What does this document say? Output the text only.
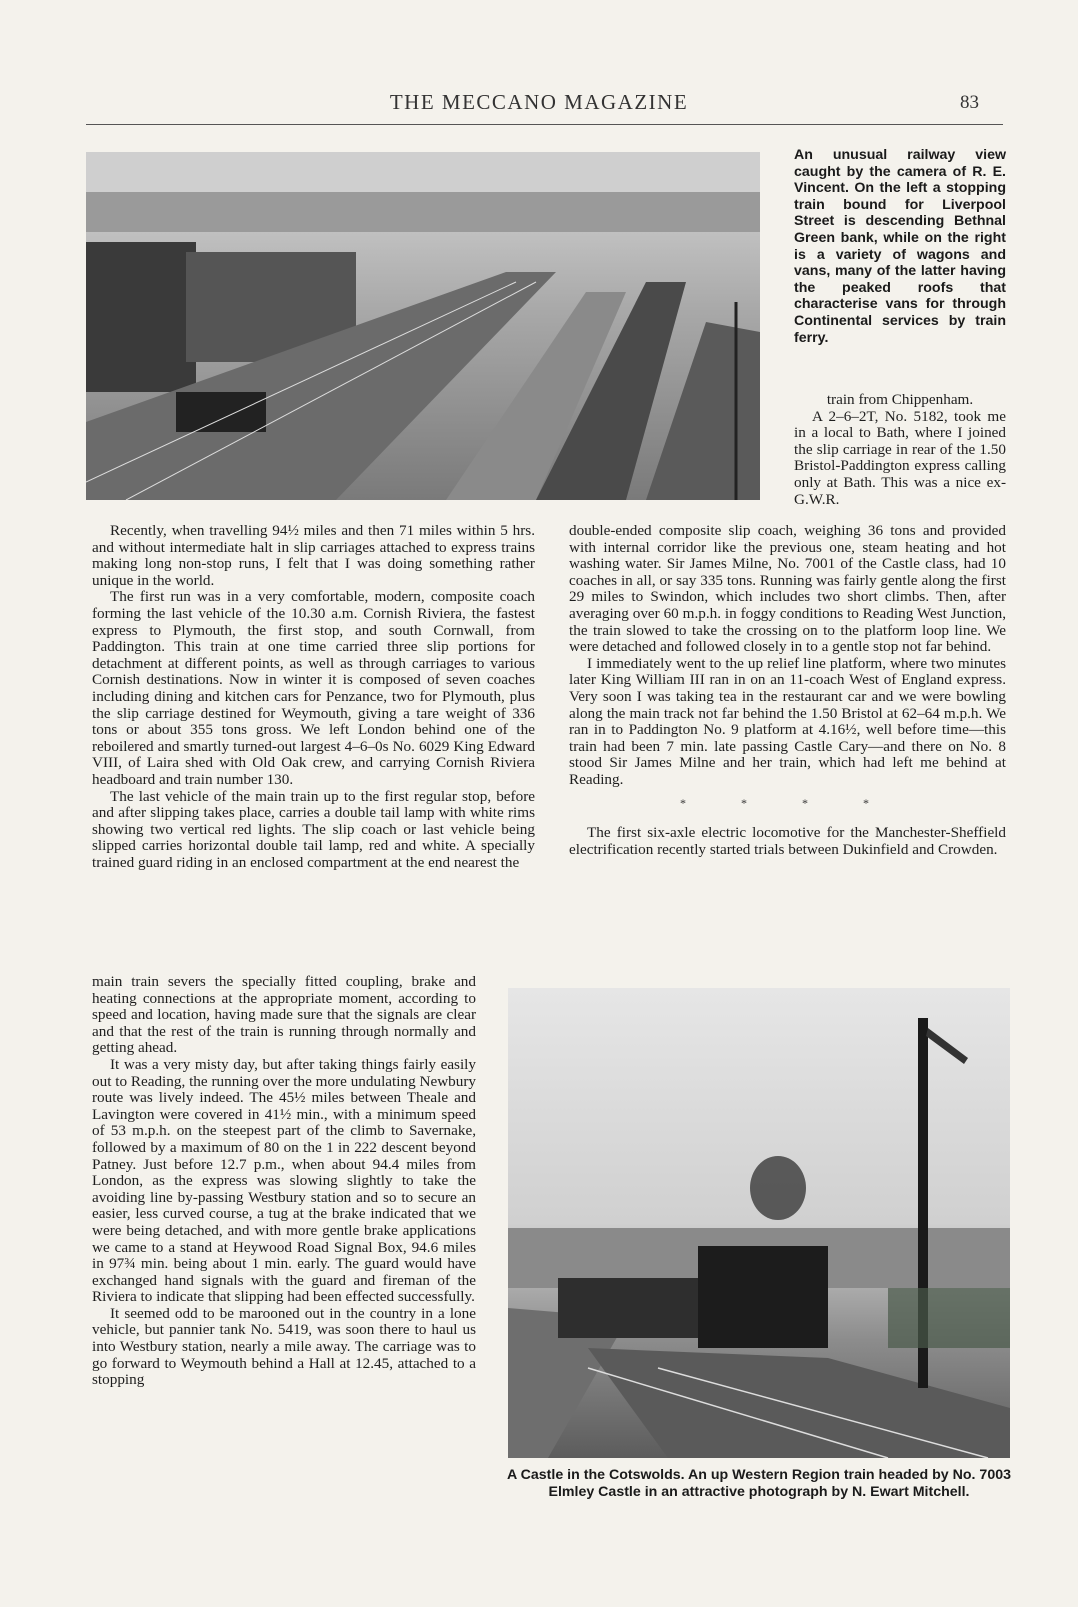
THE MECCANO MAGAZINE	83
An unusual railway view caught by the camera of R. E. Vincent. On the left a stopping train bound for Liverpool Street is descending Bethnal Green bank, while on the right is a variety of wagons and vans, many of the latter having the peaked roofs that characterise vans for through Continental services by train ferry.

train from Chippenham.

A 2–6–2T, No. 5182, took me in a local to Bath, where I joined the slip carriage in rear of the 1.50 Bristol-Paddington express calling only at Bath. This was a nice ex-G.W.R.

Recently, when travelling 94½ miles and then 71 miles within 5 hrs. and without intermediate halt in slip carriages attached to express trains making long non-stop runs, I felt that I was doing something rather unique in the world.

The first run was in a very comfortable, modern, composite coach forming the last vehicle of the 10.30 a.m. Cornish Riviera, the fastest express to Plymouth, the first stop, and south Cornwall, from Paddington. This train at one time carried three slip portions for detachment at different points, as well as through carriages to various Cornish destinations. Now in winter it is composed of seven coaches including dining and kitchen cars for Penzance, two for Plymouth, plus the slip carriage destined for Weymouth, giving a tare weight of 336 tons or about 355 tons gross. We left London behind one of the reboilered and smartly turned-out largest 4–6–0s No. 6029 King Edward VIII, of Laira shed with Old Oak crew, and carrying Cornish Riviera headboard and train number 130.

The last vehicle of the main train up to the first regular stop, before and after slipping takes place, carries a double tail lamp with white rims showing two vertical red lights. The slip coach or last vehicle being slipped carries horizontal double tail lamp, red and white. A specially trained guard riding in an enclosed compartment at the end nearest the

main train severs the specially fitted coupling, brake and heating connections at the appropriate moment, according to speed and location, having made sure that the signals are clear and that the rest of the train is running through normally and getting ahead.

It was a very misty day, but after taking things fairly easily out to Reading, the running over the more undulating Newbury route was lively indeed. The 45½ miles between Theale and Lavington were covered in 41½ min., with a minimum speed of 53 m.p.h. on the steepest part of the climb to Savernake, followed by a maximum of 80 on the 1 in 222 descent beyond Patney. Just before 12.7 p.m., when about 94.4 miles from London, as the express was slowing slightly to take the avoiding line by-passing Westbury station and so to secure an easier, less curved course, a tug at the brake indicated that we were being detached, and with more gentle brake applications we came to a stand at Heywood Road Signal Box, 94.6 miles in 97¾ min. being about 1 min. early. The guard would have exchanged hand signals with the guard and fireman of the Riviera to indicate that slipping had been effected successfully.

It seemed odd to be marooned out in the country in a lone vehicle, but pannier tank No. 5419, was soon there to haul us into Westbury station, nearly a mile away. The carriage was to go forward to Weymouth behind a Hall at 12.45, attached to a stopping

double-ended composite slip coach, weighing 36 tons and provided with internal corridor like the previous one, steam heating and hot washing water. Sir James Milne, No. 7001 of the Castle class, had 10 coaches in all, or say 335 tons. Running was fairly gentle along the first 29 miles to Swindon, which includes two short climbs. Then, after averaging over 60 m.p.h. in foggy conditions to Reading West Junction, the train slowed to take the crossing on to the platform loop line. We were detached and followed closely in to a gentle stop not far behind.

I immediately went to the up relief line platform, where two minutes later King William III ran in on an 11-coach West of England express. Very soon I was taking tea in the restaurant car and we were bowling along the main track not far behind the 1.50 Bristol at 62–64 m.p.h. We ran in to Paddington No. 9 platform at 4.16½, well before time—this train had been 7 min. late passing Castle Cary—and there on No. 8 stood Sir James Milne and her train, which had left me behind at Reading.

* * * *

The first six-axle electric locomotive for the Manchester-Sheffield electrification recently started trials between Dukinfield and Crowden.

A Castle in the Cotswolds. An up Western Region train headed by No. 7003 Elmley Castle in an attractive photograph by N. Ewart Mitchell.
